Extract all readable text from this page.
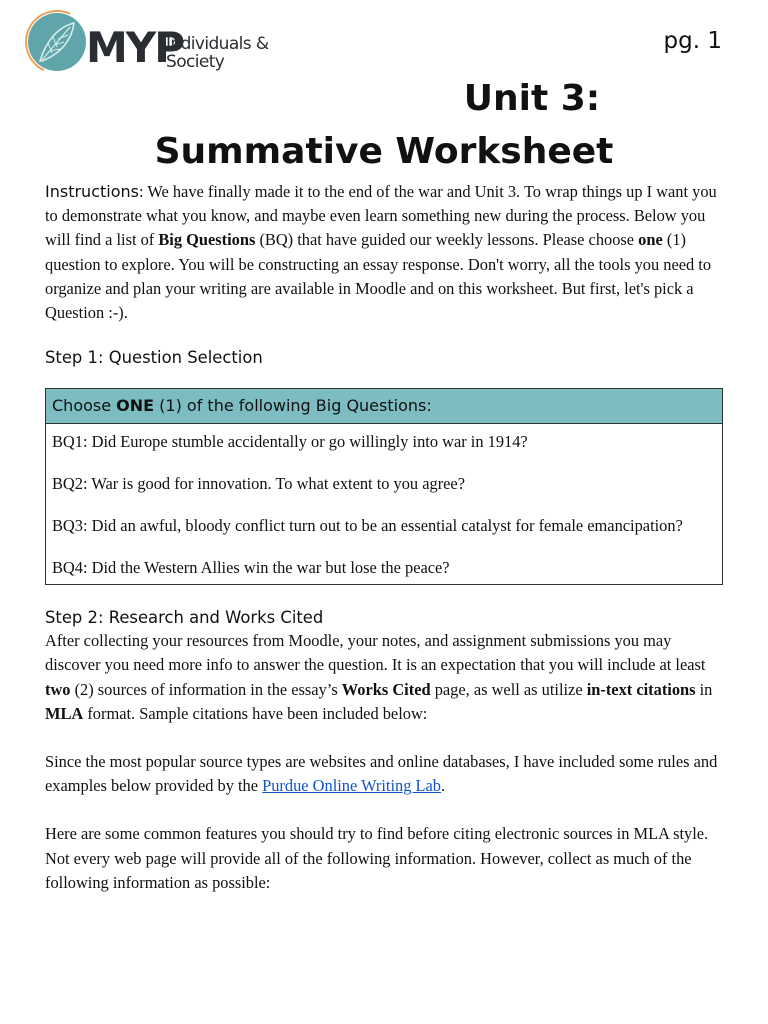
MYP
Individuals &
Society
pg. 1
Unit 3:
Summative Worksheet

Instructions: We have finally made it to the end of the war and Unit 3. To wrap things up I want you to demonstrate what you know, and maybe even learn something new during the process. Below you will find a list of Big Questions (BQ) that have guided our weekly lessons. Please choose one (1) question to explore. You will be constructing an essay response. Don't worry, all the tools you need to organize and plan your writing are available in Moodle and on this worksheet. But first, let's pick a Question :-).

Step 1: Question Selection
Choose ONE (1) of the following Big Questions:
BQ1: Did Europe stumble accidentally or go willingly into war in 1914?
BQ2: War is good for innovation. To what extent to you agree?
BQ3: Did an awful, bloody conflict turn out to be an essential catalyst for female emancipation?
BQ4: Did the Western Allies win the war but lose the peace?
Step 2: Research and Works Cited

After collecting your resources from Moodle, your notes, and assignment submissions you may discover you need more info to answer the question. It is an expectation that you will include at least two (2) sources of information in the essay’s Works Cited page, as well as utilize in-text citations in MLA format. Sample citations have been included below:

Since the most popular source types are websites and online databases, I have included some rules and examples below provided by the Purdue Online Writing Lab.

Here are some common features you should try to find before citing electronic sources in MLA style. Not every web page will provide all of the following information. However, collect as much of the following information as possible:
